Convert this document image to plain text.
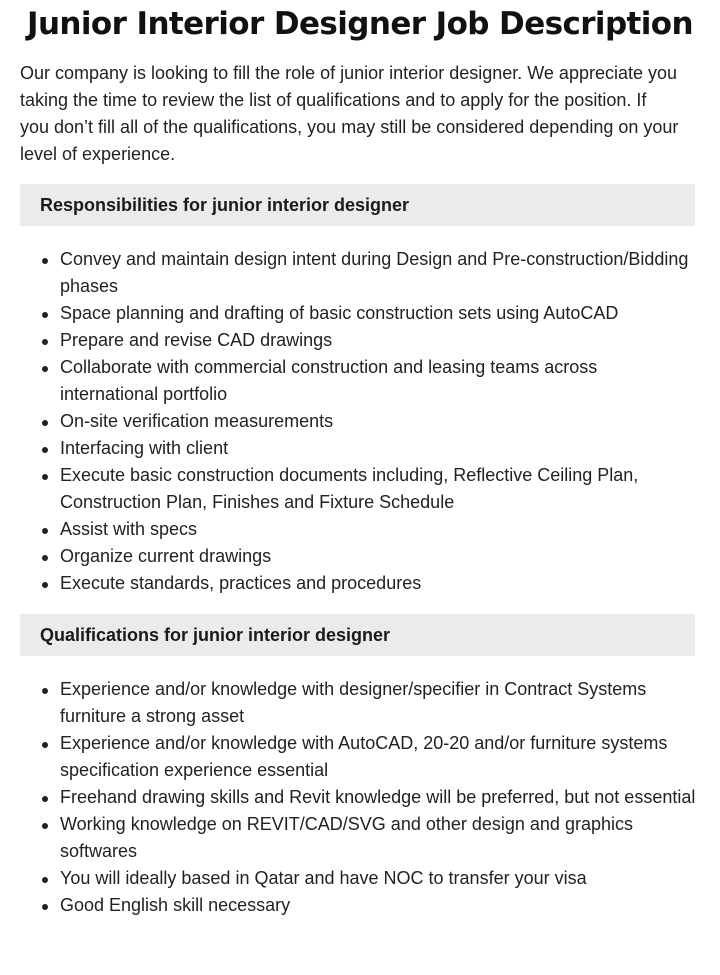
Junior Interior Designer Job Description

Our company is looking to fill the role of junior interior designer. We appreciate you taking the time to review the list of qualifications and to apply for the position. If you don’t fill all of the qualifications, you may still be considered depending on your level of experience.

Responsibilities for junior interior designer
Convey and maintain design intent during Design and Pre-construction/Bidding phases
Space planning and drafting of basic construction sets using AutoCAD
Prepare and revise CAD drawings
Collaborate with commercial construction and leasing teams across international portfolio
On-site verification measurements
Interfacing with client
Execute basic construction documents including, Reflective Ceiling Plan, Construction Plan, Finishes and Fixture Schedule
Assist with specs
Organize current drawings
Execute standards, practices and procedures
Qualifications for junior interior designer
Experience and/or knowledge with designer/specifier in Contract Systems furniture a strong asset
Experience and/or knowledge with AutoCAD, 20-20 and/or furniture systems specification experience essential
Freehand drawing skills and Revit knowledge will be preferred, but not essential
Working knowledge on REVIT/CAD/SVG and other design and graphics softwares
You will ideally based in Qatar and have NOC to transfer your visa
Good English skill necessary
